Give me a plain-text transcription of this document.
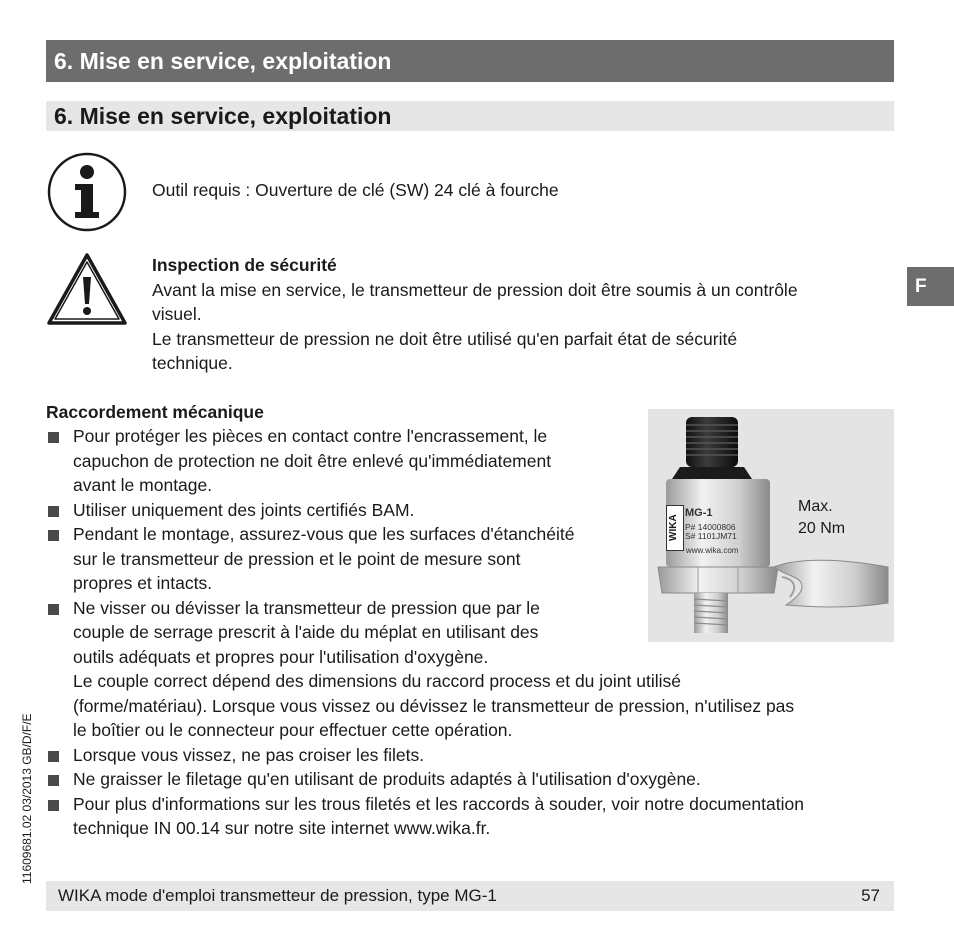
6. Mise en service, exploitation
6. Mise en service, exploitation
F
Outil requis : Ouverture de clé (SW) 24 clé à fourche
Inspection de sécurité
Avant la mise en service, le transmetteur de pression doit être soumis à un contrôle
visuel.
Le transmetteur de pression ne doit être utilisé qu'en parfait état de sécurité
technique.
Raccordement mécanique
Pour protéger les pièces en contact contre l'encrassement, le
capuchon de protection ne doit être enlevé qu'immédiatement
avant le montage.
Utiliser uniquement des joints certifiés BAM.
Pendant le montage, assurez-vous que les surfaces d'étanchéité
sur le transmetteur de pression et le point de mesure sont
propres et intacts.
Ne visser ou dévisser la transmetteur de pression que par le
couple de serrage prescrit à l'aide du méplat en utilisant des
outils adéquats et propres pour l'utilisation d'oxygène.
Le couple correct dépend des dimensions du raccord process et du joint utilisé
(forme/matériau). Lorsque vous vissez ou dévissez le transmetteur de pression, n'utilisez pas
le boîtier ou le connecteur pour effectuer cette opération.
Lorsque vous vissez, ne pas croiser les filets.
Ne graisser le filetage qu'en utilisant de produits adaptés à l'utilisation d'oxygène.
Pour plus d'informations sur les trous filetés et les raccords à souder, voir notre documentation
technique IN 00.14 sur notre site internet www.wika.fr.
WIKA
MG-1
P# 14000806
S# 1101JM71
www.wika.com
Max.
20 Nm
11609681.02 03/2013 GB/D/F/E
WIKA mode d'emploi transmetteur de pression, type MG-1	57
